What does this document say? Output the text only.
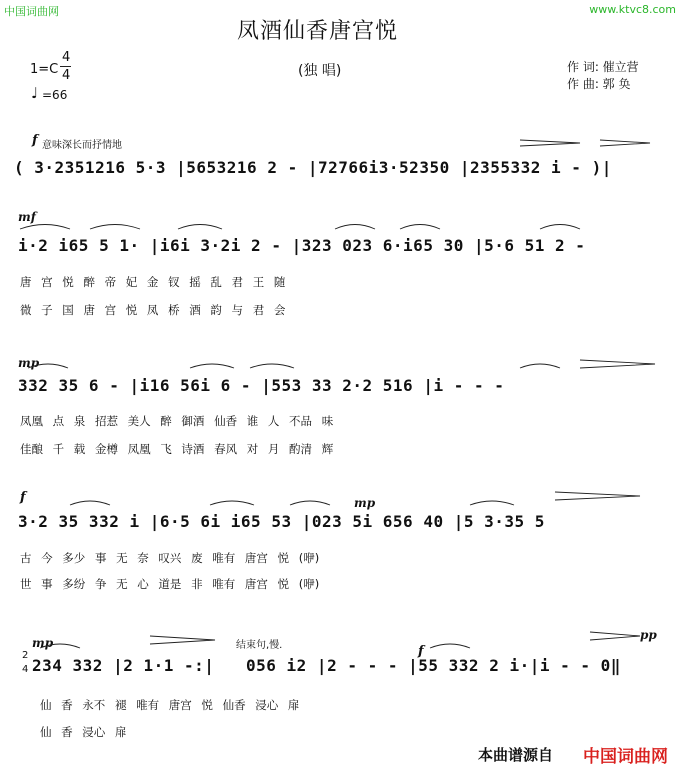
中国词曲网	www.ktvc8.com
凤酒仙香唐宫悦
(独 唱)
1=C
4
4
♩ =66
作 词: 催立营
作 曲: 郭 奂
f 意味深长而抒情地
( 3·2351216 5·3 |5653216 2 - |72766i3·52350 |2355332 i - )|
mf
i·2 i65 5 1· |i6i 3·2i 2 - |323 023 6·i65 30 |5·6 51 2 -
唐 宫 悦 醉 帝 妃 金 钗 摇 乱 君 王 随
微 子 国 唐 宫 悦 凤 桥 酒 韵 与 君 会
mp
332 35 6 - |i16 56i 6 - |553 33 2·2 516 |i - - -
凤凰 点 泉 招惹 美人 醉 御酒 仙香 谁 人 不品 味
佳酿 千 载 金樽 凤凰 飞 诗酒 春风 对 月 酌清 辉
f	mp
3·2 35 332 i |6·5 6i i65 53 |023 5i 656 40 |5 3·35 5
古 今 多少 事 无 奈 叹兴 废 唯有 唐宫 悦 (咿)
世 事 多纷 争 无 心 道是 非 唯有 唐宫 悦 (咿)
mp	结束句,慢.	f
pp
2
4 234 332 |2 1·1 -:| 056 i2 |2 - - - |55 332 2 i·|i - - 0‖
仙 香 永不 褪 唯有 唐宫 悦 仙香 浸心 扉
仙 香 浸心 扉
本曲谱源自 中国词曲网
